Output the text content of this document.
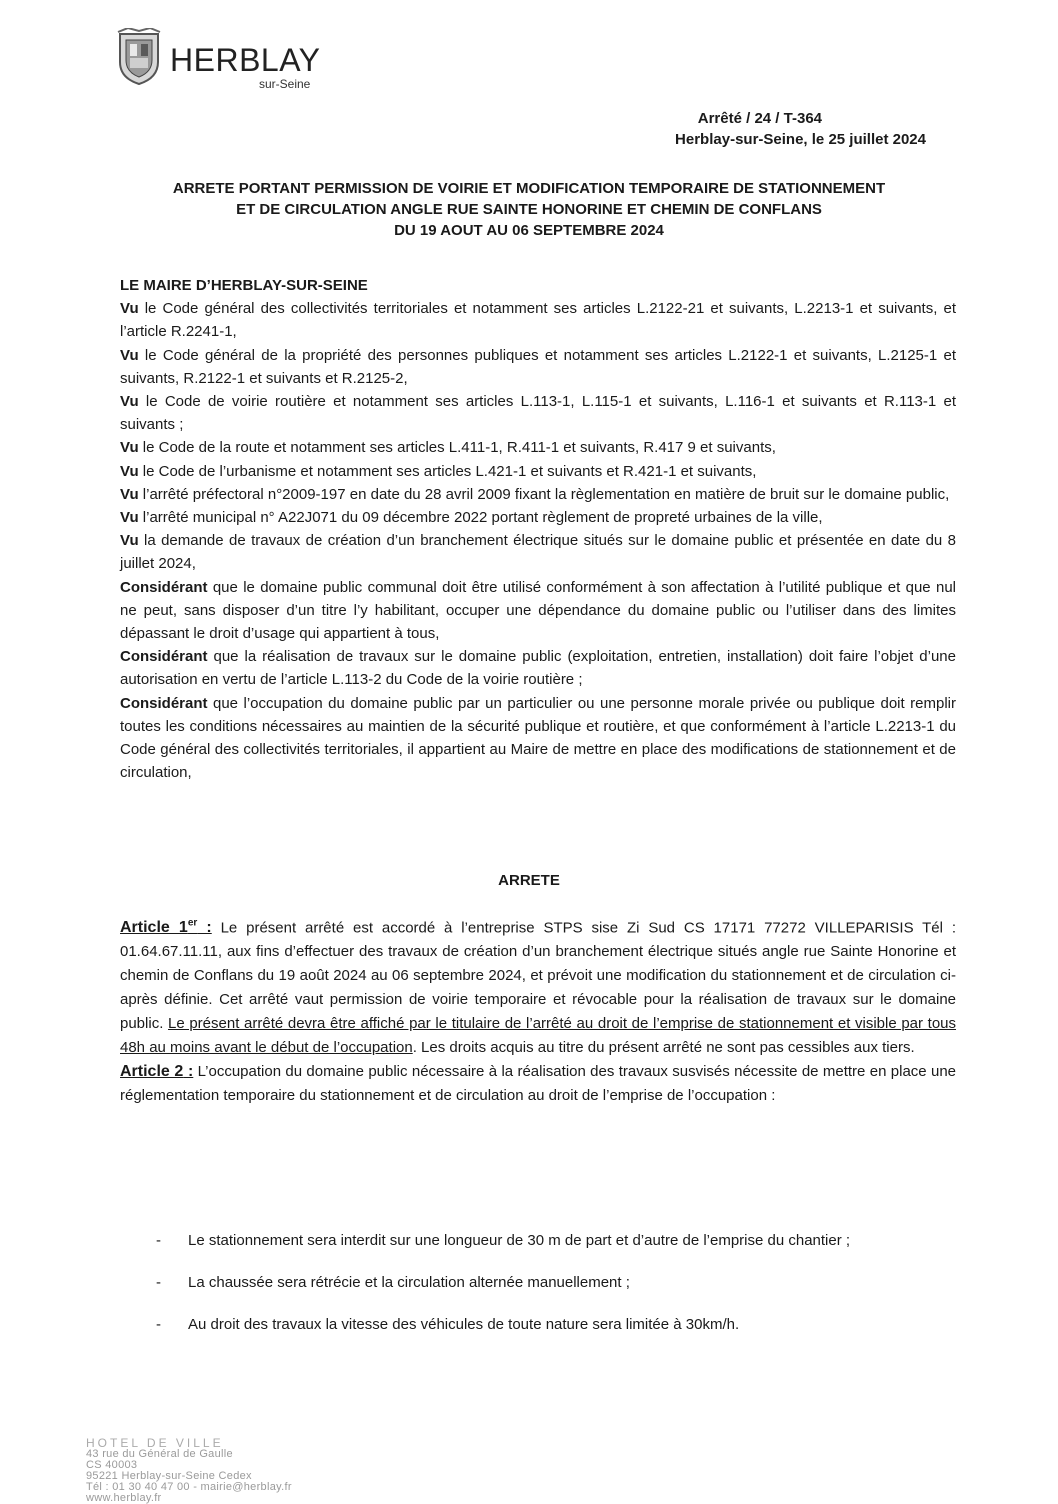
HERBLAY
sur-Seine
Arrêté / 24 / T-364
Herblay-sur-Seine, le 25 juillet 2024
ARRETE PORTANT PERMISSION DE VOIRIE ET MODIFICATION TEMPORAIRE DE STATIONNEMENT
ET DE CIRCULATION ANGLE RUE SAINTE HONORINE ET CHEMIN DE CONFLANS
DU 19 AOUT AU 06 SEPTEMBRE 2024

LE MAIRE D’HERBLAY-SUR-SEINE

Vu le Code général des collectivités territoriales et notamment ses articles L.2122-21 et suivants, L.2213-1 et suivants, et l’article R.2241-1,

Vu le Code général de la propriété des personnes publiques et notamment ses articles L.2122-1 et suivants, L.2125-1 et suivants, R.2122-1 et suivants et R.2125-2,

Vu le Code de voirie routière et notamment ses articles L.113-1, L.115-1 et suivants, L.116-1 et suivants et R.113-1 et suivants ;

Vu le Code de la route et notamment ses articles L.411-1, R.411-1 et suivants, R.417 9 et suivants,

Vu le Code de l’urbanisme et notamment ses articles L.421-1 et suivants et R.421-1 et suivants,

Vu l’arrêté préfectoral n°2009-197 en date du 28 avril 2009 fixant la règlementation en matière de bruit sur le domaine public,

Vu l’arrêté municipal n° A22J071 du 09 décembre 2022 portant règlement de propreté urbaines de la ville,

Vu la demande de travaux de création d’un branchement électrique situés sur le domaine public et présentée en date du 8 juillet 2024,

Considérant que le domaine public communal doit être utilisé conformément à son affectation à l’utilité publique et que nul ne peut, sans disposer d’un titre l’y habilitant, occuper une dépendance du domaine public ou l’utiliser dans des limites dépassant le droit d’usage qui appartient à tous,

Considérant que la réalisation de travaux sur le domaine public (exploitation, entretien, installation) doit faire l’objet d’une autorisation en vertu de l’article L.113-2 du Code de la voirie routière ;

Considérant que l’occupation du domaine public par un particulier ou une personne morale privée ou publique doit remplir toutes les conditions nécessaires au maintien de la sécurité publique et routière, et que conformément à l’article L.2213-1 du Code général des collectivités territoriales, il appartient au Maire de mettre en place des modifications de stationnement et de circulation,

ARRETE

Article 1er : Le présent arrêté est accordé à l’entreprise STPS sise Zi Sud CS 17171 77272 VILLEPARISIS Tél : 01.64.67.11.11, aux fins d’effectuer des travaux de création d’un branchement électrique situés angle rue Sainte Honorine et chemin de Conflans du 19 août 2024 au 06 septembre 2024, et prévoit une modification du stationnement et de circulation ci-après définie. Cet arrêté vaut permission de voirie temporaire et révocable pour la réalisation de travaux sur le domaine public. Le présent arrêté devra être affiché par le titulaire de l’arrêté au droit de l’emprise de stationnement et visible par tous 48h au moins avant le début de l’occupation. Les droits acquis au titre du présent arrêté ne sont pas cessibles aux tiers.

Article 2 : L’occupation du domaine public nécessaire à la réalisation des travaux susvisés nécessite de mettre en place une réglementation temporaire du stationnement et de circulation au droit de l’emprise de l’occupation :

- Le stationnement sera interdit sur une longueur de 30 m de part et d’autre de l’emprise du chantier ;
- La chaussée sera rétrécie et la circulation alternée manuellement ;
- Au droit des travaux la vitesse des véhicules de toute nature sera limitée à 30km/h.
HOTEL DE VILLE
43 rue du Général de Gaulle
CS 40003
95221 Herblay-sur-Seine Cedex
Tél : 01 30 40 47 00 - mairie@herblay.fr
www.herblay.fr
